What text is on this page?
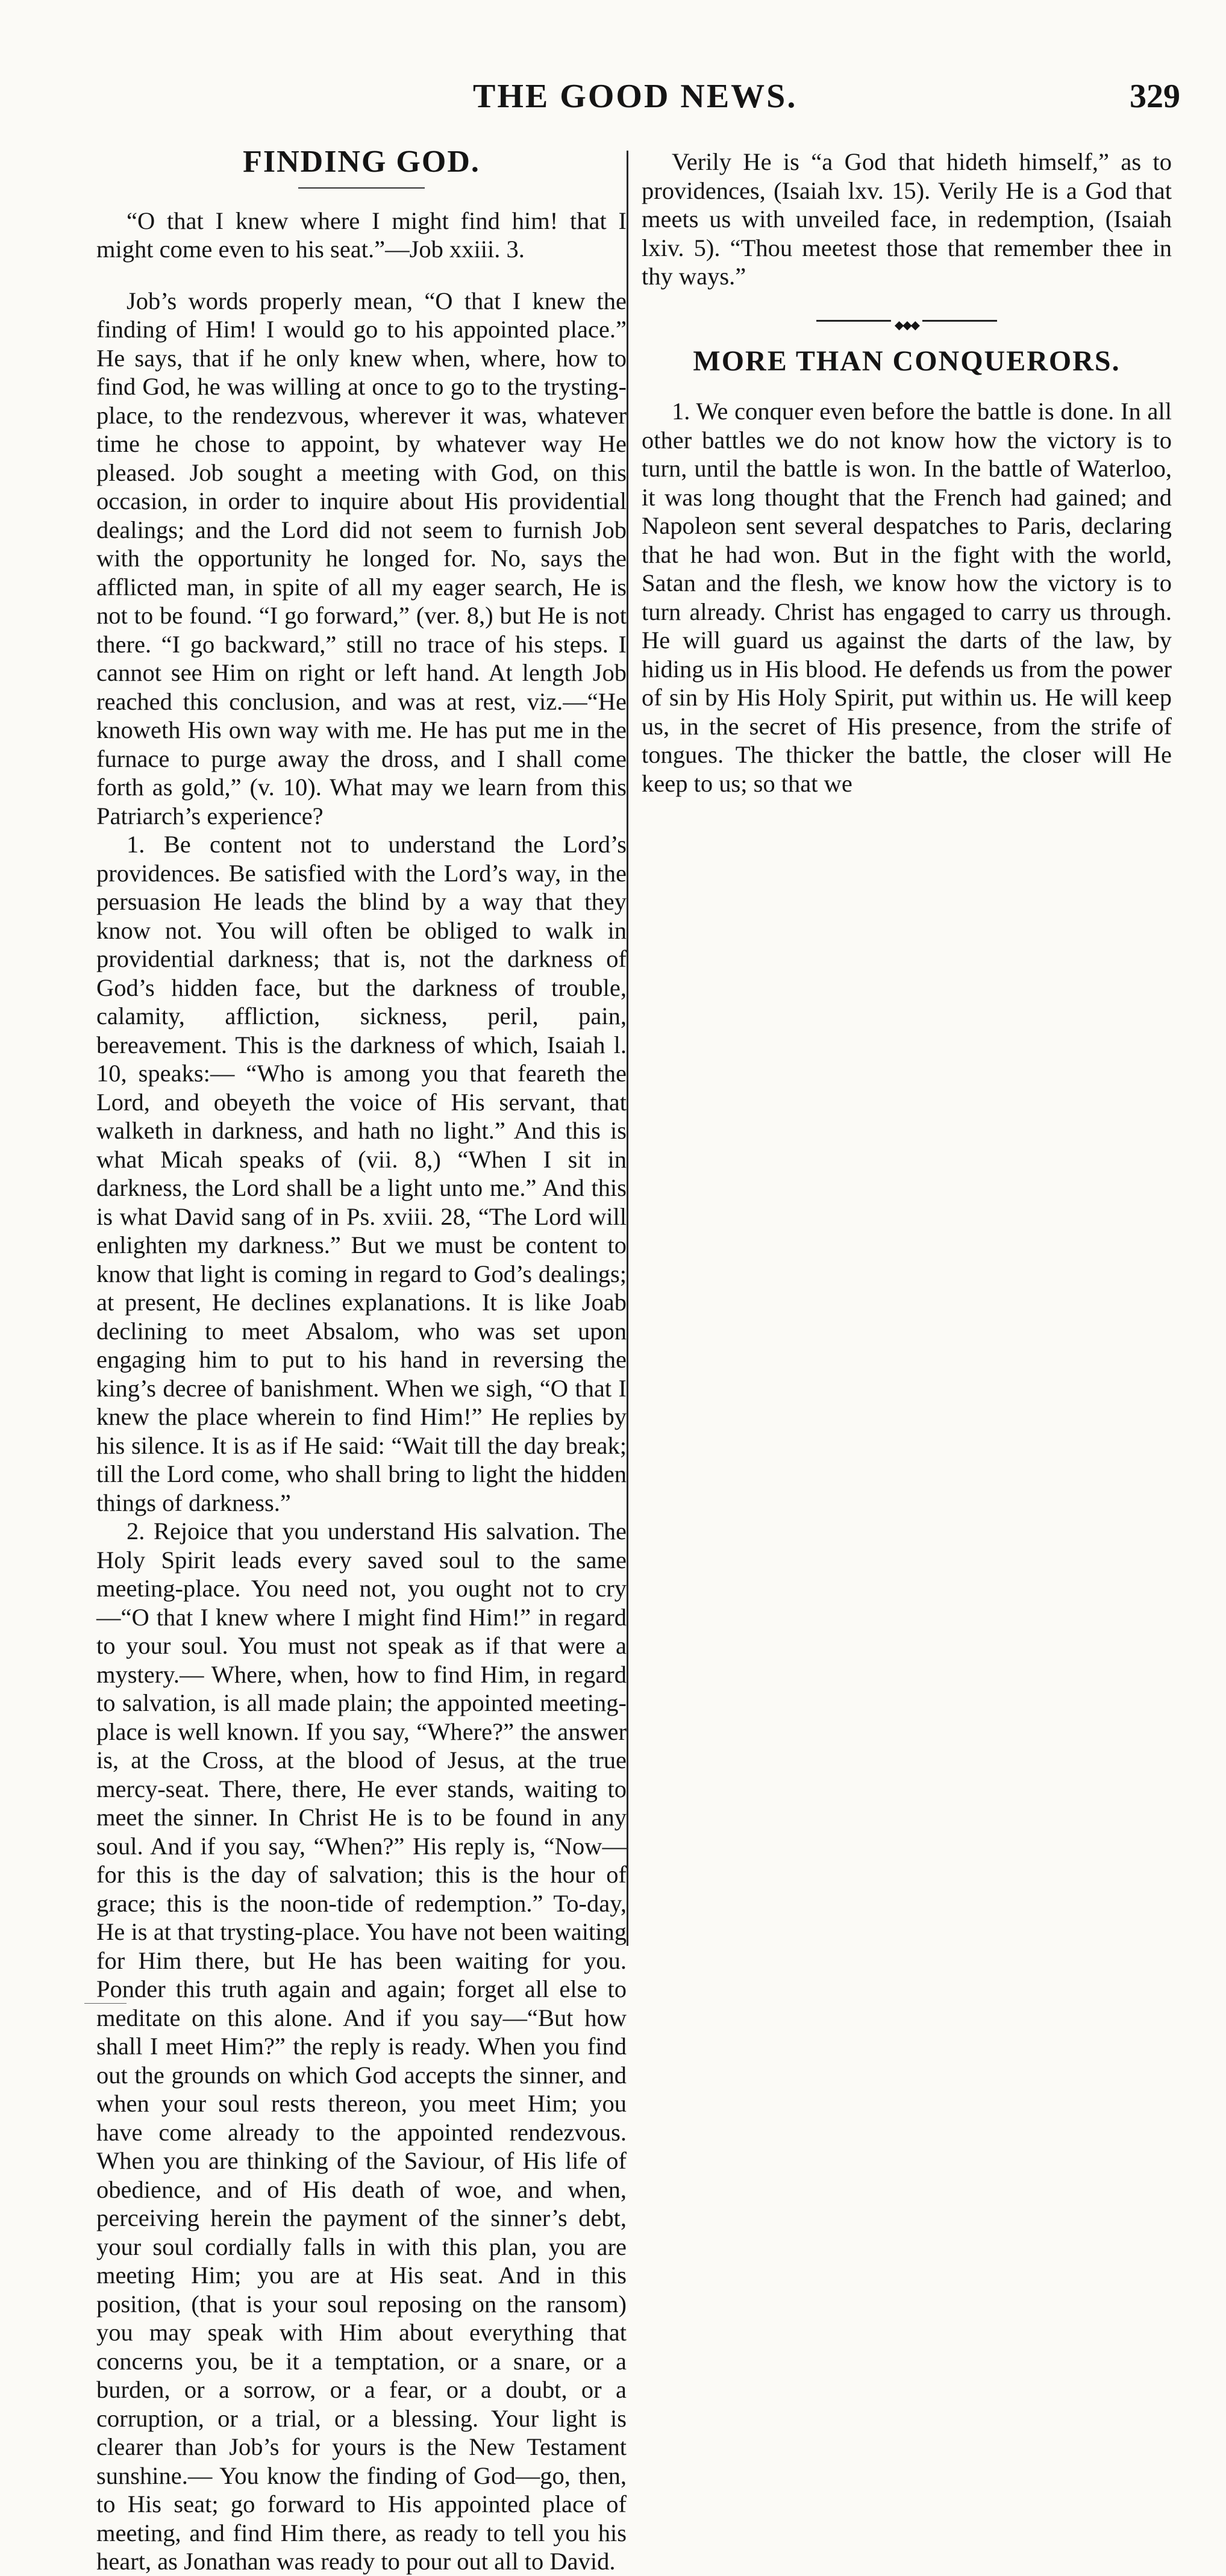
THE GOOD NEWS.	329
FINDING GOD.

“O that I knew where I might find him! that I might come even to his seat.”—Job xxiii. 3.

Job’s words properly mean, “O that I knew the finding of Him! I would go to his appointed place.” He says, that if he only knew when, where, how to find God, he was willing at once to go to the trysting-place, to the rendezvous, wherever it was, whatever time he chose to appoint, by whatever way He pleased. Job sought a meeting with God, on this occasion, in order to inquire about His providential dealings; and the Lord did not seem to furnish Job with the opportunity he longed for. No, says the afflicted man, in spite of all my eager search, He is not to be found. “I go forward,” (ver. 8,) but He is not there. “I go backward,” still no trace of his steps. I cannot see Him on right or left hand. At length Job reached this conclusion, and was at rest, viz.—“He knoweth His own way with me. He has put me in the furnace to purge away the dross, and I shall come forth as gold,” (v. 10). What may we learn from this Patriarch’s experience?

1. Be content not to understand the Lord’s providences. Be satisfied with the Lord’s way, in the persuasion He leads the blind by a way that they know not. You will often be obliged to walk in providential darkness; that is, not the darkness of God’s hidden face, but the darkness of trouble, calamity, affliction, sickness, peril, pain, bereavement. This is the darkness of which, Isaiah l. 10, speaks:— “Who is among you that feareth the Lord, and obeyeth the voice of His servant, that walketh in darkness, and hath no light.” And this is what Micah speaks of (vii. 8,) “When I sit in darkness, the Lord shall be a light unto me.” And this is what David sang of in Ps. xviii. 28, “The Lord will enlighten my darkness.” But we must be content to know that light is coming in regard to God’s dealings; at present, He declines explanations. It is like Joab declining to meet Absalom, who was set upon engaging him to put to his hand in reversing the king’s decree of banishment. When we sigh, “O that I knew the place wherein to find Him!” He replies by his silence. It is as if He said: “Wait till the day break; till the Lord come, who shall bring to light the hidden things of darkness.”

2. Rejoice that you understand His salvation. The Holy Spirit leads every saved soul to the same meeting-place. You need not, you ought not to cry—“O that I knew where I might find Him!” in regard to your soul. You must not speak as if that were a mystery.— Where, when, how to find Him, in regard to salvation, is all made plain; the appointed meeting-place is well known. If you say, “Where?” the answer is, at the Cross, at the blood of Jesus, at the true mercy-seat. There, there, He ever stands, waiting to meet the sinner. In Christ He is to be found in any soul. And if you say, “When?” His reply is, “Now—for this is the day of salvation; this is the hour of grace; this is the noon-tide of redemption.” To-day, He is at that trysting-place. You have not been waiting for Him there, but He has been waiting for you. Ponder this truth again and again; forget all else to meditate on this alone. And if you say—“But how shall I meet Him?” the reply is ready. When you find out the grounds on which God accepts the sinner, and when your soul rests thereon, you meet Him; you have come already to the appointed rendezvous. When you are thinking of the Saviour, of His life of obedience, and of His death of woe, and when, perceiving herein the payment of the sinner’s debt, your soul cordially falls in with this plan, you are meeting Him; you are at His seat. And in this position, (that is your soul reposing on the ransom) you may speak with Him about everything that concerns you, be it a temptation, or a snare, or a burden, or a sorrow, or a fear, or a doubt, or a corruption, or a trial, or a blessing. Your light is clearer than Job’s for yours is the New Testament sunshine.— You know the finding of God—go, then, to His seat; go forward to His appointed place of meeting, and find Him there, as ready to tell you his heart, as Jonathan was ready to pour out all to David.

Verily He is “a God that hideth himself,” as to providences, (Isaiah lxv. 15). Verily He is a God that meets us with unveiled face, in redemption, (Isaiah lxiv. 5). “Thou meetest those that remember thee in thy ways.”

◆◆◆
MORE THAN CONQUERORS.

1. We conquer even before the battle is done. In all other battles we do not know how the victory is to turn, until the battle is won. In the battle of Waterloo, it was long thought that the French had gained; and Napoleon sent several despatches to Paris, declaring that he had won. But in the fight with the world, Satan and the flesh, we know how the victory is to turn already. Christ has engaged to carry us through. He will guard us against the darts of the law, by hiding us in His blood. He defends us from the power of sin by His Holy Spirit, put within us. He will keep us, in the secret of His presence, from the strife of tongues. The thicker the battle, the closer will He keep to us; so that we
